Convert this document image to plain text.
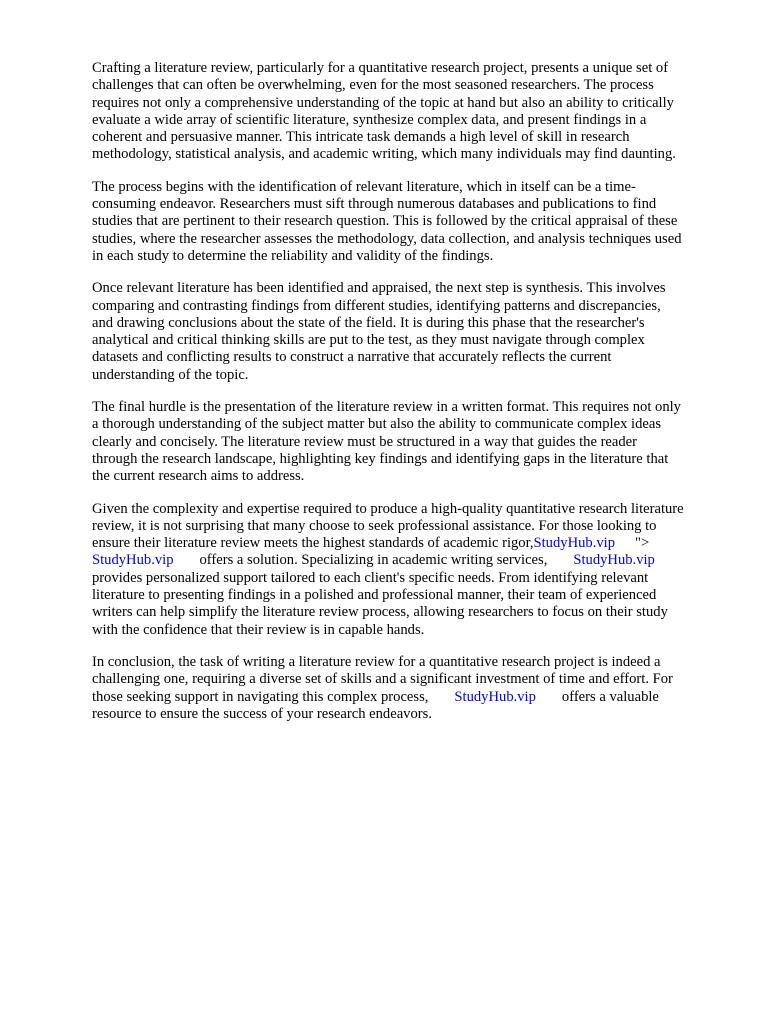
Crafting a literature review, particularly for a quantitative research project, presents a unique set of
challenges that can often be overwhelming, even for the most seasoned researchers. The process
requires not only a comprehensive understanding of the topic at hand but also an ability to critically
evaluate a wide array of scientific literature, synthesize complex data, and present findings in a
coherent and persuasive manner. This intricate task demands a high level of skill in research
methodology, statistical analysis, and academic writing, which many individuals may find daunting.
The process begins with the identification of relevant literature, which in itself can be a time-
consuming endeavor. Researchers must sift through numerous databases and publications to find
studies that are pertinent to their research question. This is followed by the critical appraisal of these
studies, where the researcher assesses the methodology, data collection, and analysis techniques used
in each study to determine the reliability and validity of the findings.
Once relevant literature has been identified and appraised, the next step is synthesis. This involves
comparing and contrasting findings from different studies, identifying patterns and discrepancies,
and drawing conclusions about the state of the field. It is during this phase that the researcher's
analytical and critical thinking skills are put to the test, as they must navigate through complex
datasets and conflicting results to construct a narrative that accurately reflects the current
understanding of the topic.
The final hurdle is the presentation of the literature review in a written format. This requires not only
a thorough understanding of the subject matter but also the ability to communicate complex ideas
clearly and concisely. The literature review must be structured in a way that guides the reader
through the research landscape, highlighting key findings and identifying gaps in the literature that
the current research aims to address.
Given the complexity and expertise required to produce a high-quality quantitative research literature
review, it is not surprising that many choose to seek professional assistance. For those looking to
ensure their literature review meets the highest standards of academic rigor,StudyHub.vip ">
StudyHub.vip offers a solution. Specializing in academic writing services, StudyHub.vip
provides personalized support tailored to each client's specific needs. From identifying relevant
literature to presenting findings in a polished and professional manner, their team of experienced
writers can help simplify the literature review process, allowing researchers to focus on their study
with the confidence that their review is in capable hands.
In conclusion, the task of writing a literature review for a quantitative research project is indeed a
challenging one, requiring a diverse set of skills and a significant investment of time and effort. For
those seeking support in navigating this complex process, StudyHub.vip offers a valuable
resource to ensure the success of your research endeavors.
